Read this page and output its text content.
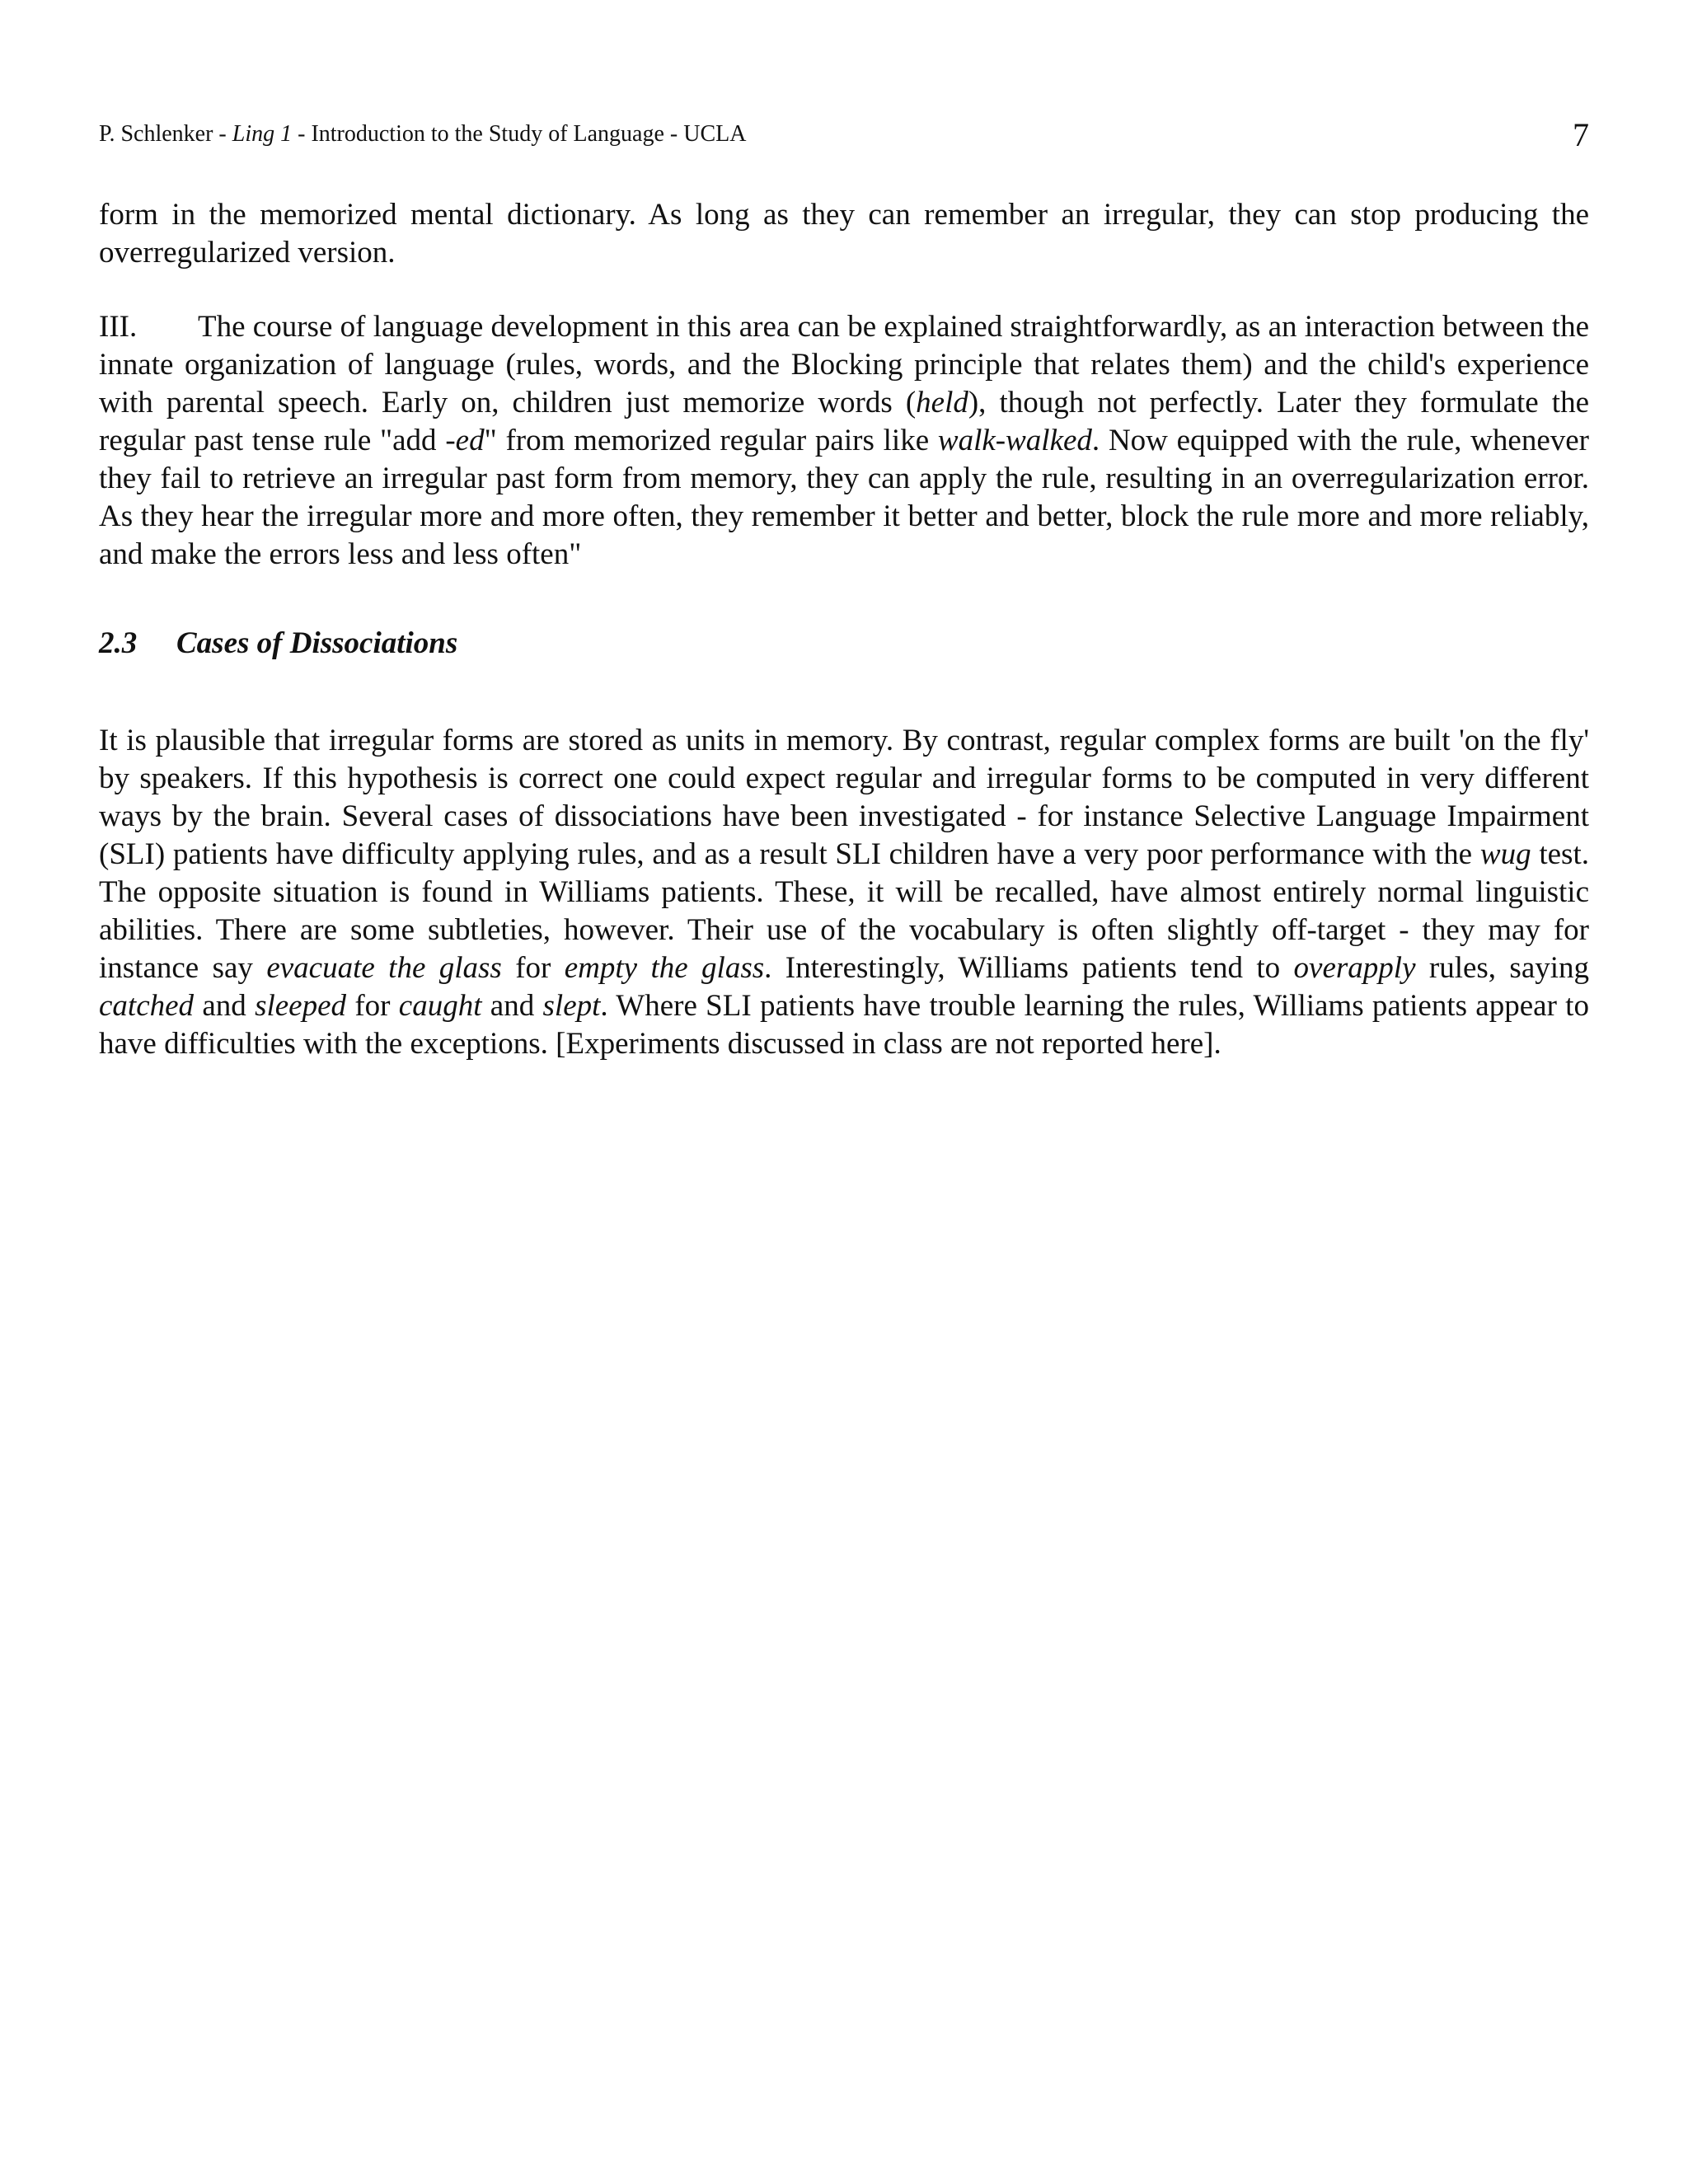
P. Schlenker - Ling 1 - Introduction to the Study of Language - UCLA	7

form in the memorized mental dictionary. As long as they can remember an irregular, they can stop producing the overregularized version.

III. The course of language development in this area can be explained straightforwardly, as an interaction between the innate organization of language (rules, words, and the Blocking principle that relates them) and the child's experience with parental speech. Early on, children just memorize words (held), though not perfectly. Later they formulate the regular past tense rule "add -ed" from memorized regular pairs like walk-walked. Now equipped with the rule, whenever they fail to retrieve an irregular past form from memory, they can apply the rule, resulting in an overregularization error. As they hear the irregular more and more often, they remember it better and better, block the rule more and more reliably, and make the errors less and less often"

2.3 Cases of Dissociations

It is plausible that irregular forms are stored as units in memory. By contrast, regular complex forms are built 'on the fly' by speakers. If this hypothesis is correct one could expect regular and irregular forms to be computed in very different ways by the brain. Several cases of dissociations have been investigated - for instance Selective Language Impairment (SLI) patients have difficulty applying rules, and as a result SLI children have a very poor performance with the wug test. The opposite situation is found in Williams patients. These, it will be recalled, have almost entirely normal linguistic abilities. There are some subtleties, however. Their use of the vocabulary is often slightly off-target - they may for instance say evacuate the glass for empty the glass. Interestingly, Williams patients tend to overapply rules, saying catched and sleeped for caught and slept. Where SLI patients have trouble learning the rules, Williams patients appear to have difficulties with the exceptions. [Experiments discussed in class are not reported here].
